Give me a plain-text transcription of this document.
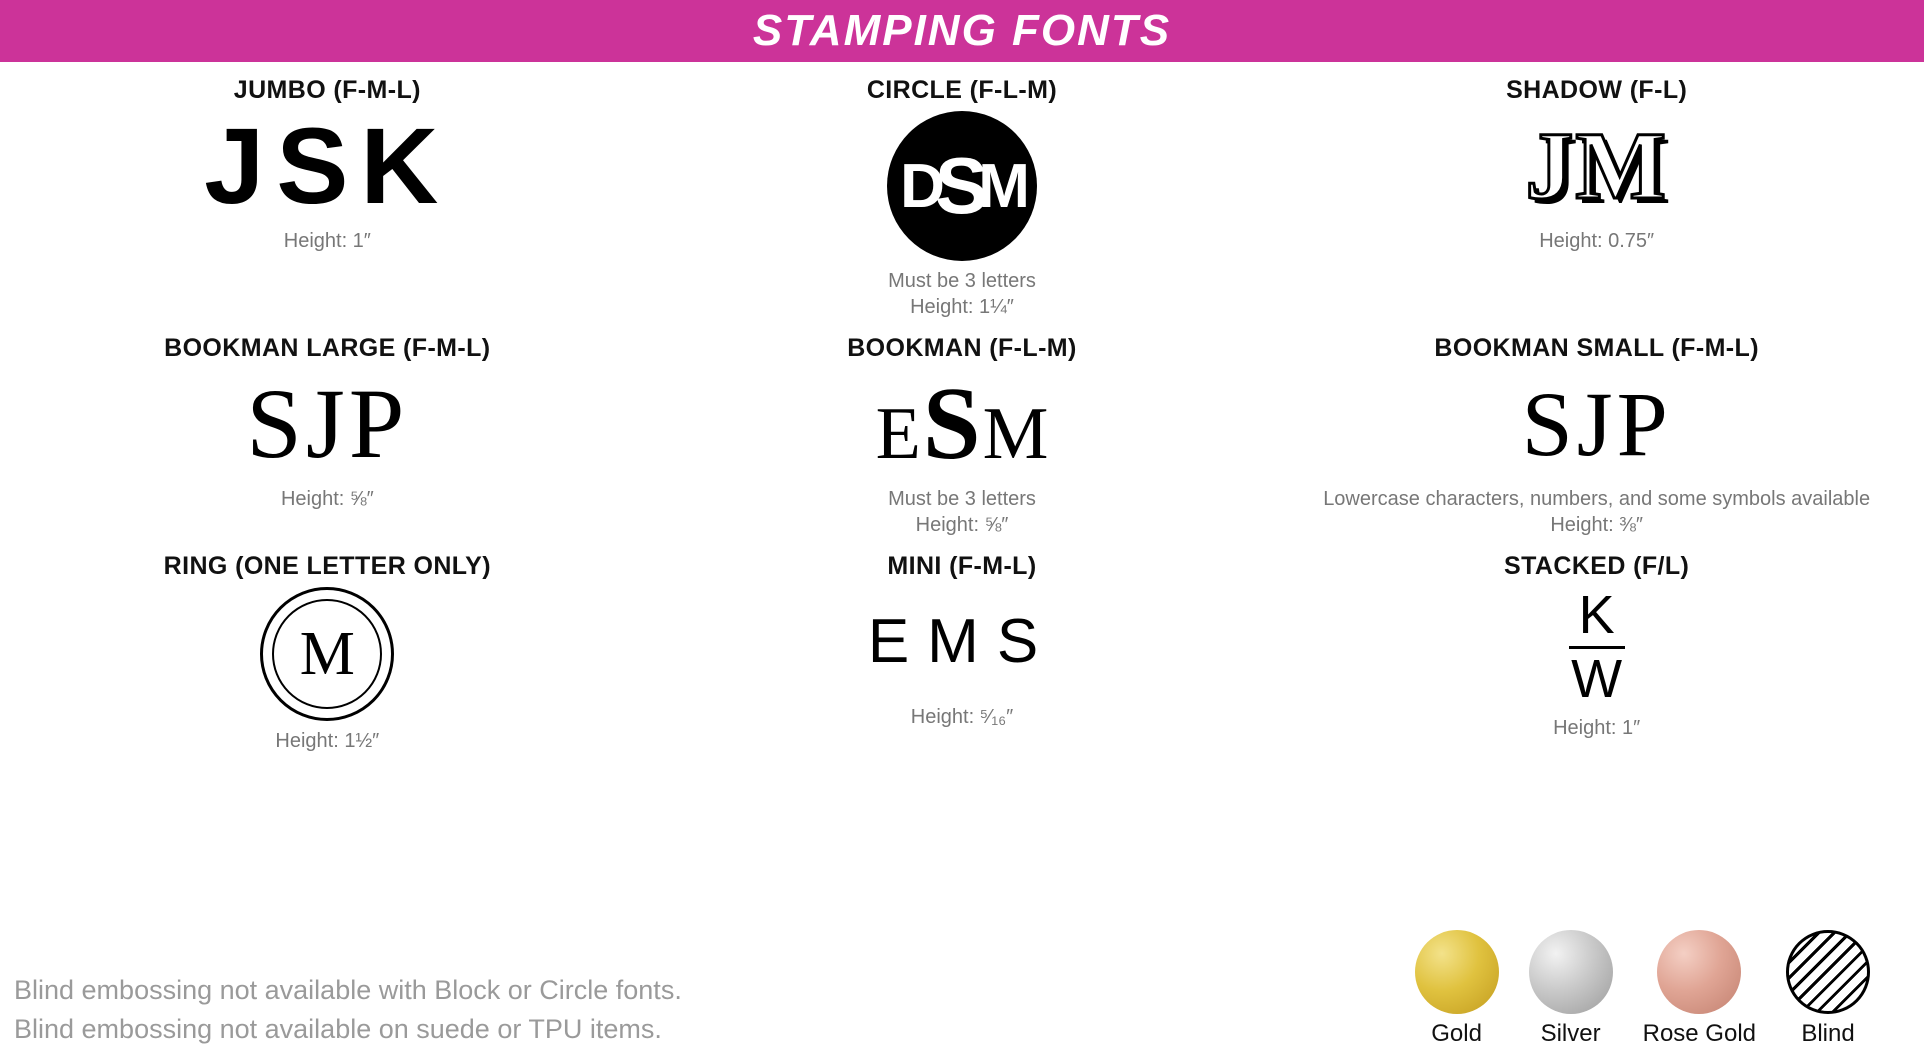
STAMPING FONTS
JUMBO (F-M-L)
JSK
Height: 1″
CIRCLE (F-L-M)
D
S
M
Must be 3 letters
Height: 1¼″
SHADOW (F-L)
JM
Height: 0.75″
BOOKMAN LARGE (F-M-L)
SJP
Height: ⅝″
BOOKMAN (F-L-M)
E S M
Must be 3 letters
Height: ⅝″
BOOKMAN SMALL (F-M-L)
SJP
Lowercase characters, numbers, and some symbols available
Height: ⅜″
RING (ONE LETTER ONLY)
M
Height: 1½″
MINI (F-M-L)
EMS
Height: ⁵⁄₁₆″
STACKED (F/L)
K
W
Height: 1″
Blind embossing not available with Block or Circle fonts.
Blind embossing not available on suede or TPU items.	Gold	Silver	Rose Gold	Blind
